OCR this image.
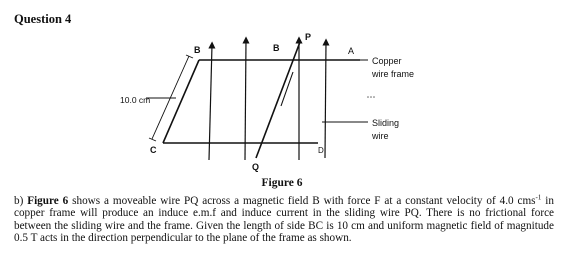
Question 4
B	B
P
A
C	D
Q
10.0 cm
Copper
wire frame
Sliding
wire
Figure 6
b) Figure 6 shows a moveable wire PQ across a magnetic field B with force F at a constant velocity of 4.0 cms$^{-1}$ in copper frame will produce an induce e.m.f and induce current in the sliding wire PQ. There is no frictional force between the sliding wire and the frame. Given the length of side BC is 10 cm and uniform magnetic field of magnitude 0.5 T acts in the direction perpendicular to the plane of the frame as shown.
